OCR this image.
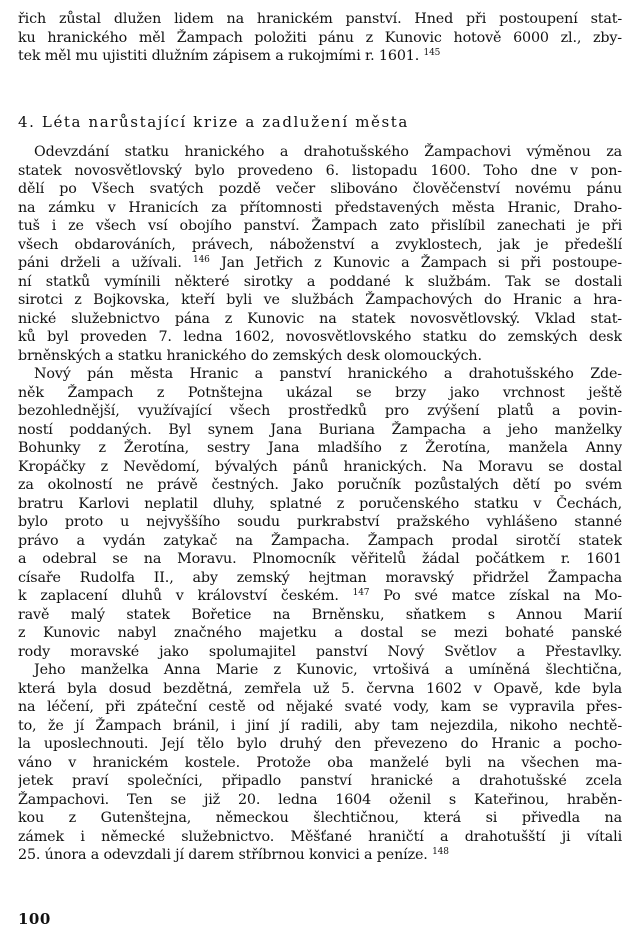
řich zůstal dlužen lidem na hranickém panství. Hned při postoupení stat-
ku hranického měl Žampach položiti pánu z Kunovic hotově 6000 zl., zby-
tek měl mu ujistiti dlužním zápisem a rukojmími r. 1601. $^{145}$
4. Léta narůstající krize a zadlužení města
Odevzdání statku hranického a drahotušského Žampachovi výměnou za
statek novosvětlovský bylo provedeno 6. listopadu 1600. Toho dne v pon-
dělí po Všech svatých pozdě večer slibováno člověčenství novému pánu
na zámku v Hranicích za přítomnosti představených města Hranic, Draho-
tuš i ze všech vsí obojího panství. Žampach zato přislíbil zanechati je při
všech obdarováních, právech, náboženství a zvyklostech, jak je předešlí
páni drželi a užívali. $^{146}$ Jan Jetřich z Kunovic a Žampach si při postoupe-
ní statků vymínili některé sirotky a poddané k službám. Tak se dostali
sirotci z Bojkovska, kteří byli ve službách Žampachových do Hranic a hra-
nické služebnictvo pána z Kunovic na statek novosvětlovský. Vklad stat-
ků byl proveden 7. ledna 1602, novosvětlovského statku do zemských desk
brněnských a statku hranického do zemských desk olomouckých.
Nový pán města Hranic a panství hranického a drahotušského Zde-
něk Žampach z Potnštejna ukázal se brzy jako vrchnost ještě
bezohlednější, využívající všech prostředků pro zvýšení platů a povin-
ností poddaných. Byl synem Jana Buriana Žampacha a jeho manželky
Bohunky z Žerotína, sestry Jana mladšího z Žerotína, manžela Anny
Kropáčky z Nevědomí, bývalých pánů hranických. Na Moravu se dostal
za okolností ne právě čestných. Jako poručník pozůstalých dětí po svém
bratru Karlovi neplatil dluhy, splatné z poručenského statku v Čechách,
bylo proto u nejvyššího soudu purkrabství pražského vyhlášeno stanné
právo a vydán zatykač na Žampacha. Žampach prodal sirotčí statek
a odebral se na Moravu. Plnomocník věřitelů žádal počátkem r. 1601
císaře Rudolfa II., aby zemský hejtman moravský přidržel Žampacha
k zaplacení dluhů v království českém. $^{147}$ Po své matce získal na Mo-
ravě malý statek Bořetice na Brněnsku, sňatkem s Annou Marií
z Kunovic nabyl značného majetku a dostal se mezi bohaté panské
rody moravské jako spolumajitel panství Nový Světlov a Přestavlky.
Jeho manželka Anna Marie z Kunovic, vrtošivá a umíněná šlechtična,
která byla dosud bezdětná, zemřela už 5. června 1602 v Opavě, kde byla
na léčení, při zpáteční cestě od nějaké svaté vody, kam se vypravila přes-
to, že jí Žampach bránil, i jiní jí radili, aby tam nejezdila, nikoho nechtě-
la uposlechnouti. Její tělo bylo druhý den převezeno do Hranic a pocho-
váno v hranickém kostele. Protože oba manželé byli na všechen ma-
jetek praví společníci, připadlo panství hranické a drahotušské zcela
Žampachovi. Ten se již 20. ledna 1604 oženil s Kateřinou, hraběn-
kou z Gutenštejna, německou šlechtičnou, která si přivedla na
zámek i německé služebnictvo. Měšťané hraničtí a drahotušští ji vítali
25. února a odevzdali jí darem stříbrnou konvici a peníze. $^{148}$
100
